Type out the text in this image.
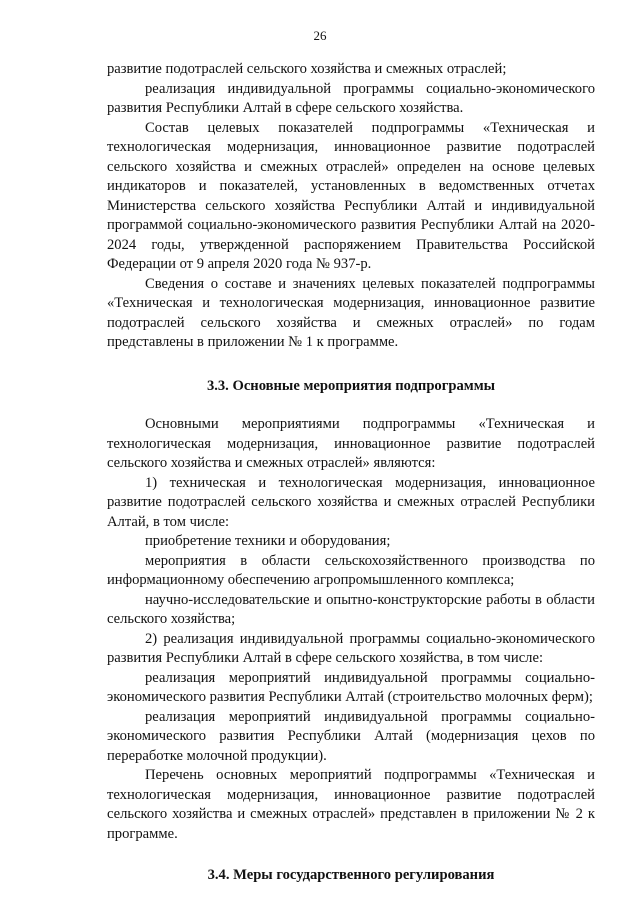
26

развитие подотраслей сельского хозяйства и смежных отраслей;

реализация индивидуальной программы социально-экономического развития Республики Алтай в сфере сельского хозяйства.

Состав целевых показателей подпрограммы «Техническая и технологическая модернизация, инновационное развитие подотраслей сельского хозяйства и смежных отраслей» определен на основе целевых индикаторов и показателей, установленных в ведомственных отчетах Министерства сельского хозяйства Республики Алтай и индивидуальной программой социально-экономического развития Республики Алтай на 2020-2024 годы, утвержденной распоряжением Правительства Российской Федерации от 9 апреля 2020 года № 937-р.

Сведения о составе и значениях целевых показателей подпрограммы «Техническая и технологическая модернизация, инновационное развитие подотраслей сельского хозяйства и смежных отраслей» по годам представлены в приложении № 1 к программе.

3.3. Основные мероприятия подпрограммы

Основными мероприятиями подпрограммы «Техническая и технологическая модернизация, инновационное развитие подотраслей сельского хозяйства и смежных отраслей» являются:

1) техническая и технологическая модернизация, инновационное развитие подотраслей сельского хозяйства и смежных отраслей Республики Алтай, в том числе:

приобретение техники и оборудования;

мероприятия в области сельскохозяйственного производства по информационному обеспечению агропромышленного комплекса;

научно-исследовательские и опытно-конструкторские работы в области сельского хозяйства;

2) реализация индивидуальной программы социально-экономического развития Республики Алтай в сфере сельского хозяйства, в том числе:

реализация мероприятий индивидуальной программы социально-экономического развития Республики Алтай (строительство молочных ферм);

реализация мероприятий индивидуальной программы социально-экономического развития Республики Алтай (модернизация цехов по переработке молочной продукции).

Перечень основных мероприятий подпрограммы «Техническая и технологическая модернизация, инновационное развитие подотраслей сельского хозяйства и смежных отраслей» представлен в приложении № 2 к программе.

3.4. Меры государственного регулирования
